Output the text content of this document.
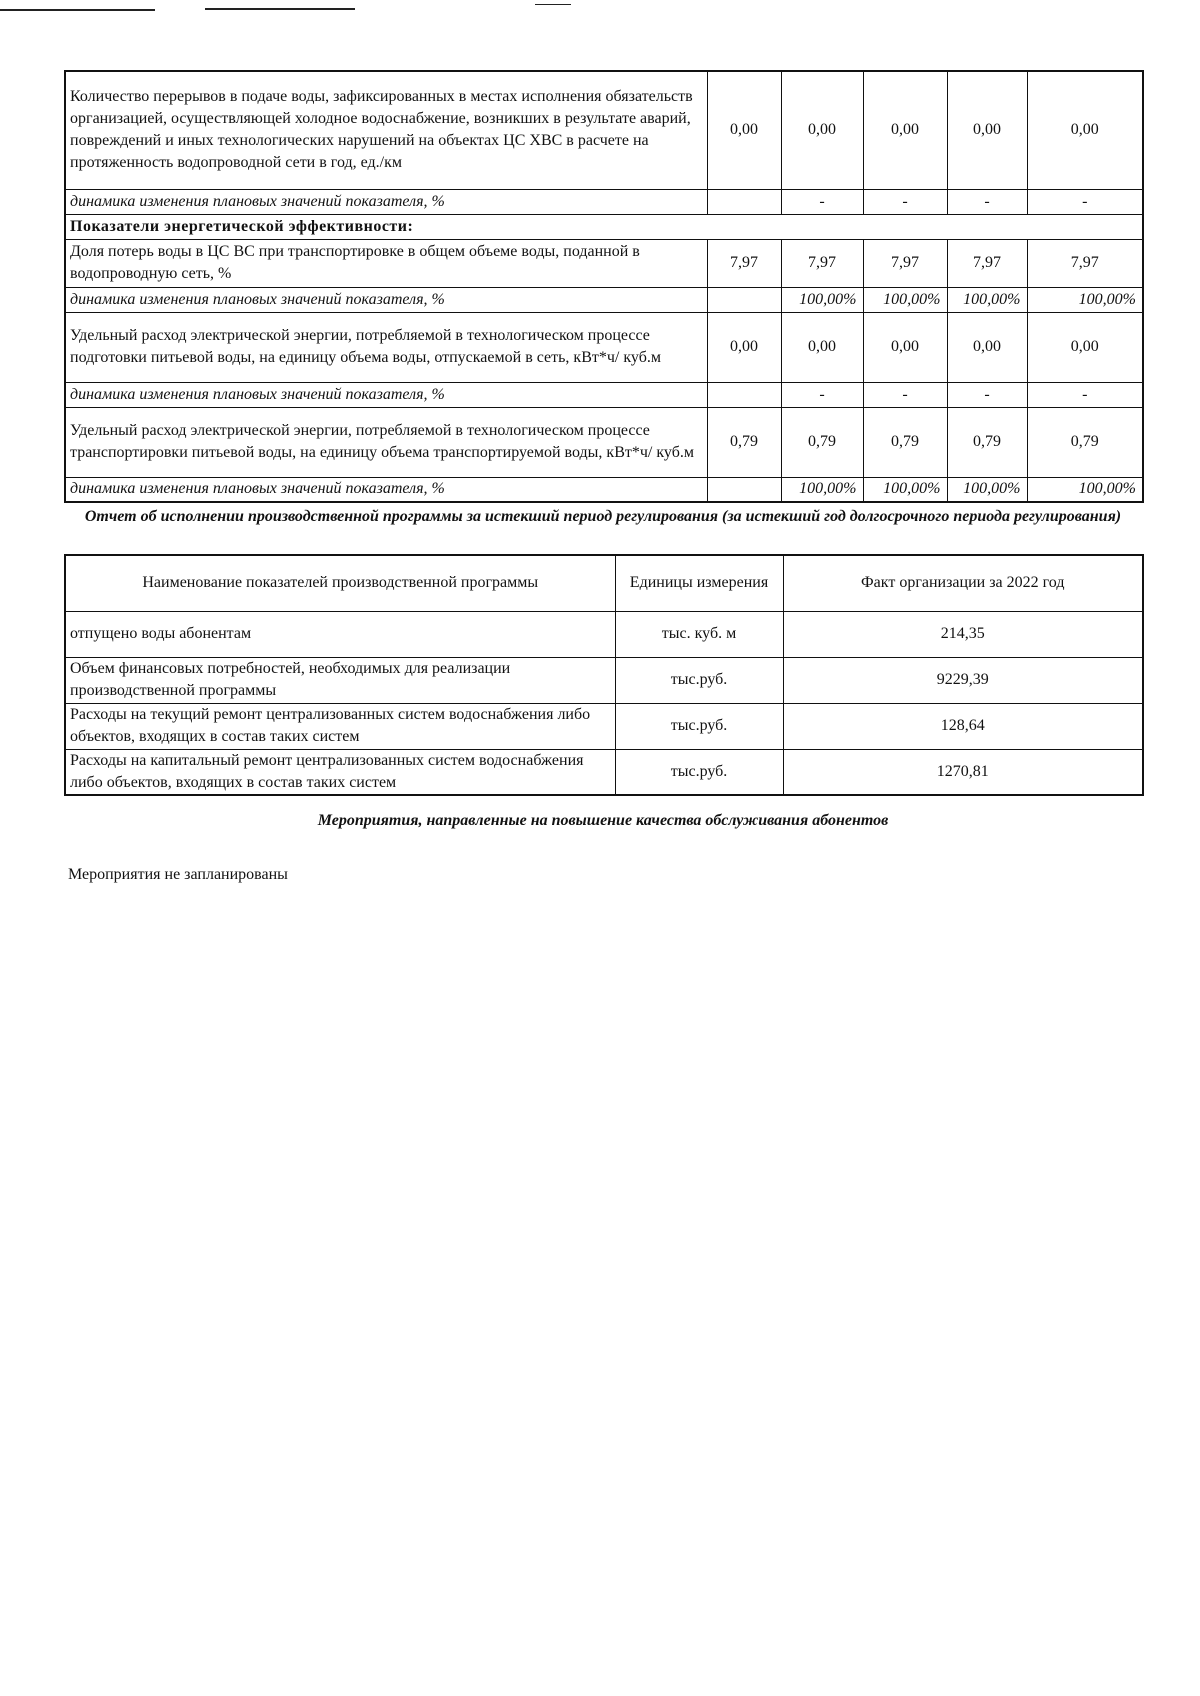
Количество перерывов в подаче воды, зафиксированных в местах исполнения обязательств организацией, осуществляющей холодное водоснабжение, возникших в результате аварий, повреждений и иных технологических нарушений на объектах ЦС ХВС в расчете на протяженность водопроводной сети в год, ед./км	0,00	0,00	0,00	0,00	0,00
динамика изменения плановых значений показателя, %		-	-	-	-
Показатели энергетической эффективности:					
Доля потерь воды в ЦС ВС при транспортировке в общем объеме воды, поданной в водопроводную сеть, %	7,97	7,97	7,97	7,97	7,97
динамика изменения плановых значений показателя, %		100,00%	100,00%	100,00%	100,00%
Удельный расход электрической энергии, потребляемой в технологическом процессе подготовки питьевой воды, на единицу объема воды, отпускаемой в сеть, кВт*ч/ куб.м	0,00	0,00	0,00	0,00	0,00
динамика изменения плановых значений показателя, %		-	-	-	-
Удельный расход электрической энергии, потребляемой в технологическом процессе транспортировки питьевой воды, на единицу объема транспортируемой воды, кВт*ч/ куб.м	0,79	0,79	0,79	0,79	0,79
динамика изменения плановых значений показателя, %		100,00%	100,00%	100,00%	100,00%
Отчет об исполнении производственной программы за истекший период регулирования (за истекший год долгосрочного периода регулирования)
Наименование показателей производственной программы	Единицы измерения	Факт организации за 2022 год
отпущено воды абонентам	тыс. куб. м	214,35
Объем финансовых потребностей, необходимых для реализации производственной программы	тыс.руб.	9229,39
Расходы на текущий ремонт централизованных систем водоснабжения либо объектов, входящих в состав таких систем	тыс.руб.	128,64
Расходы на капитальный ремонт централизованных систем водоснабжения либо объектов, входящих в состав таких систем	тыс.руб.	1270,81
Мероприятия, направленные на повышение качества обслуживания абонентов
Мероприятия не запланированы
